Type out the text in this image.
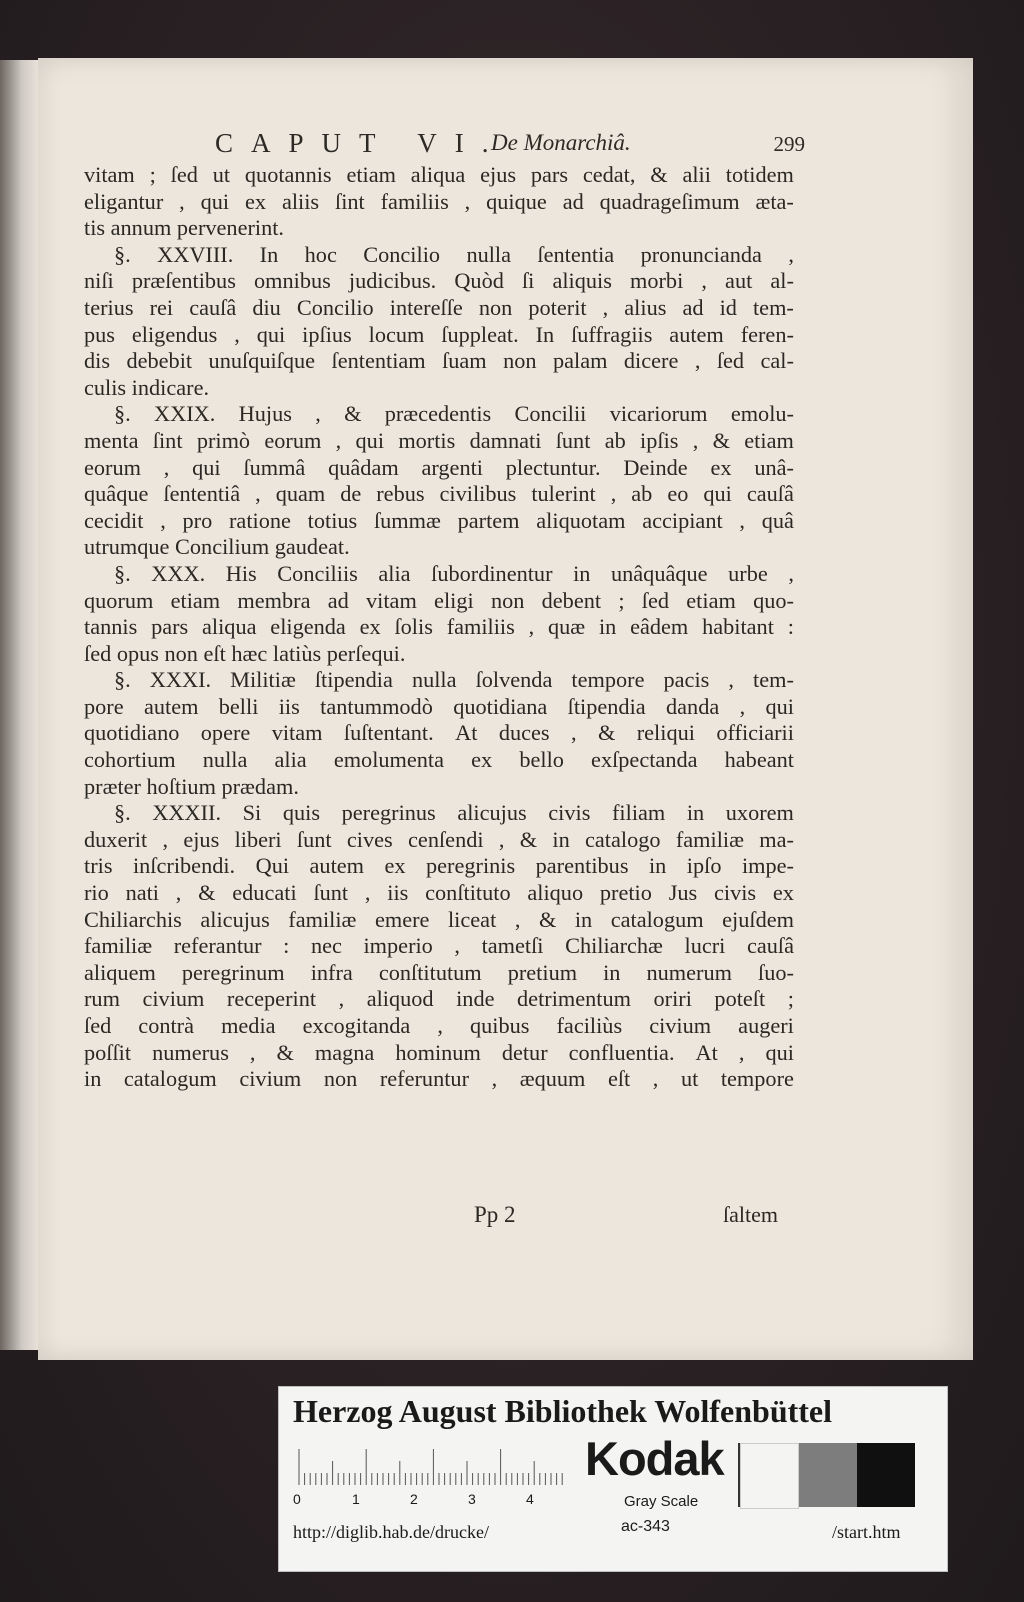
CAPUT VI.
De Monarchiâ.	299
vitam ; ſed ut quotannis etiam aliqua ejus pars cedat, & alii totidem
eligantur , qui ex aliis ſint familiis , quique ad quadrageſimum æta-
tis annum pervenerint.
§. XXVIII. In hoc Concilio nulla ſententia pronuncianda ,
niſi præſentibus omnibus judicibus. Quòd ſi aliquis morbi , aut al-
terius rei cauſâ diu Concilio intereſſe non poterit , alius ad id tem-
pus eligendus , qui ipſius locum ſuppleat. In ſuffragiis autem feren-
dis debebit unuſquiſque ſententiam ſuam non palam dicere , ſed cal-
culis indicare.
§. XXIX. Hujus , & præcedentis Concilii vicariorum emolu-
menta ſint primò eorum , qui mortis damnati ſunt ab ipſis , & etiam
eorum , qui ſummâ quâdam argenti plectuntur. Deinde ex unâ-
quâque ſententiâ , quam de rebus civilibus tulerint , ab eo qui cauſâ
cecidit , pro ratione totius ſummæ partem aliquotam accipiant , quâ
utrumque Concilium gaudeat.
§. XXX. His Conciliis alia ſubordinentur in unâquâque urbe ,
quorum etiam membra ad vitam eligi non debent ; ſed etiam quo-
tannis pars aliqua eligenda ex ſolis familiis , quæ in eâdem habitant :
ſed opus non eſt hæc latiùs perſequi.
§. XXXI. Militiæ ſtipendia nulla ſolvenda tempore pacis , tem-
pore autem belli iis tantummodò quotidiana ſtipendia danda , qui
quotidiano opere vitam ſuſtentant. At duces , & reliqui officiarii
cohortium nulla alia emolumenta ex bello exſpectanda habeant
præter hoſtium prædam.
§. XXXII. Si quis peregrinus alicujus civis filiam in uxorem
duxerit , ejus liberi ſunt cives cenſendi , & in catalogo familiæ ma-
tris inſcribendi. Qui autem ex peregrinis parentibus in ipſo impe-
rio nati , & educati ſunt , iis conſtituto aliquo pretio Jus civis ex
Chiliarchis alicujus familiæ emere liceat , & in catalogum ejuſdem
familiæ referantur : nec imperio , tametſi Chiliarchæ lucri cauſâ
aliquem peregrinum infra conſtitutum pretium in numerum ſuo-
rum civium receperint , aliquod inde detrimentum oriri poteſt ;
ſed contrà media excogitanda , quibus faciliùs civium augeri
poſſit numerus , & magna hominum detur confluentia. At , qui
in catalogum civium non referuntur , æquum eſt , ut tempore
Pp 2	ſaltem
Herzog August Bibliothek Wolfenbüttel
0	1	2	3	4
Kodak
Gray Scale
http://diglib.hab.de/drucke/	ac-343	/start.htm
